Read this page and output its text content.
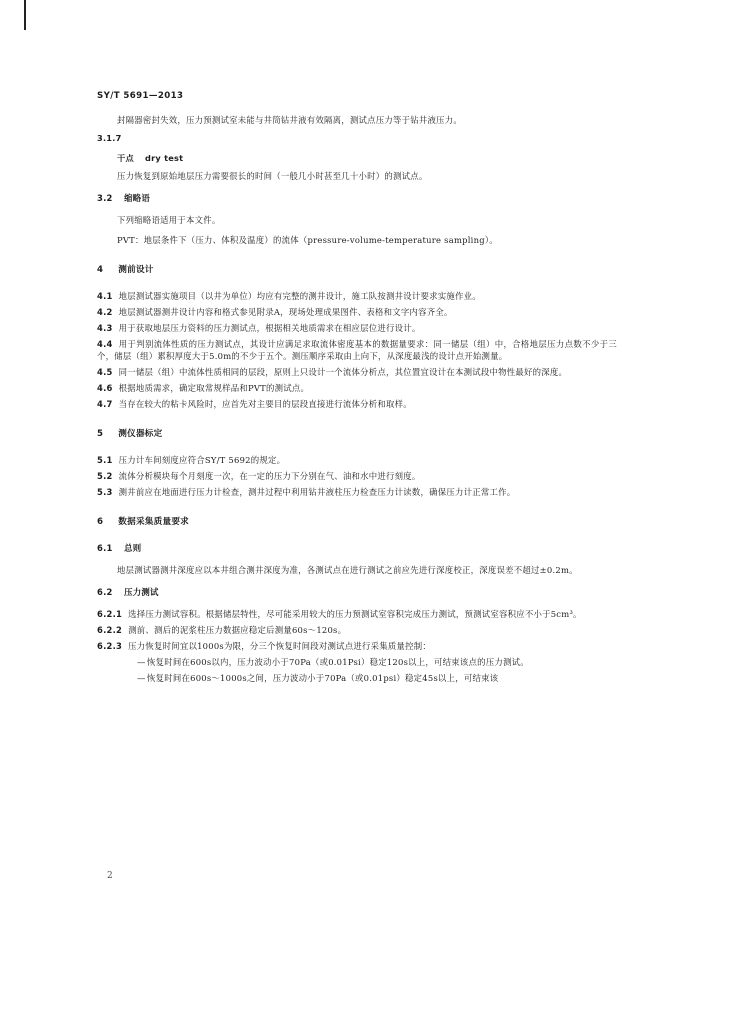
SY/T 5691—2013

封隔器密封失效，压力预测试室未能与井筒钻井液有效隔离，测试点压力等于钻井液压力。

3.1.7
干点 dry test

压力恢复到原始地层压力需要很长的时间（一般几小时甚至几十小时）的测试点。

3.2 缩略语

下列缩略语适用于本文件。

PVT：地层条件下（压力、体积及温度）的流体（pressure-volume-temperature sampling）。

4 测前设计

4.1 地层测试器实施项目（以井为单位）均应有完整的测井设计，施工队按测井设计要求实施作业。

4.2 地层测试器测井设计内容和格式参见附录A，现场处理成果图件、表格和文字内容齐全。

4.3 用于获取地层压力资料的压力测试点，根据相关地质需求在相应层位进行设计。

4.4 用于判别流体性质的压力测试点，其设计应满足求取流体密度基本的数据量要求：同一储层（组）中，合格地层压力点数不少于三个，储层（组）累积厚度大于5.0m的不少于五个。测压顺序采取由上向下，从深度最浅的设计点开始测量。

4.5 同一储层（组）中流体性质相同的层段，原则上只设计一个流体分析点，其位置宜设计在本测试段中物性最好的深度。

4.6 根据地质需求，确定取常规样品和PVT的测试点。

4.7 当存在较大的粘卡风险时，应首先对主要目的层段直接进行流体分析和取样。

5 测仪器标定

5.1 压力计车间刻度应符合SY/T 5692的规定。

5.2 流体分析模块每个月刻度一次，在一定的压力下分别在气、油和水中进行刻度。

5.3 测井前应在地面进行压力计检查，测井过程中利用钻井液柱压力检查压力计读数，确保压力计正常工作。

6 数据采集质量要求
6.1 总则

地层测试器测井深度应以本井组合测井深度为准，各测试点在进行测试之前应先进行深度校正，深度误差不超过±0.2m。

6.2 压力测试

6.2.1 选择压力测试容积。根据储层特性，尽可能采用较大的压力预测试室容积完成压力测试，预测试室容积应不小于5cm³。

6.2.2 测前、测后的泥浆柱压力数据应稳定后测量60s～120s。

6.2.3 压力恢复时间宜以1000s为限，分三个恢复时间段对测试点进行采集质量控制：

—恢复时间在600s以内，压力波动小于70Pa（或0.01Psi）稳定120s以上，可结束该点的压力测试。

—恢复时间在600s～1000s之间，压力波动小于70Pa（或0.01psi）稳定45s以上，可结束该

2
